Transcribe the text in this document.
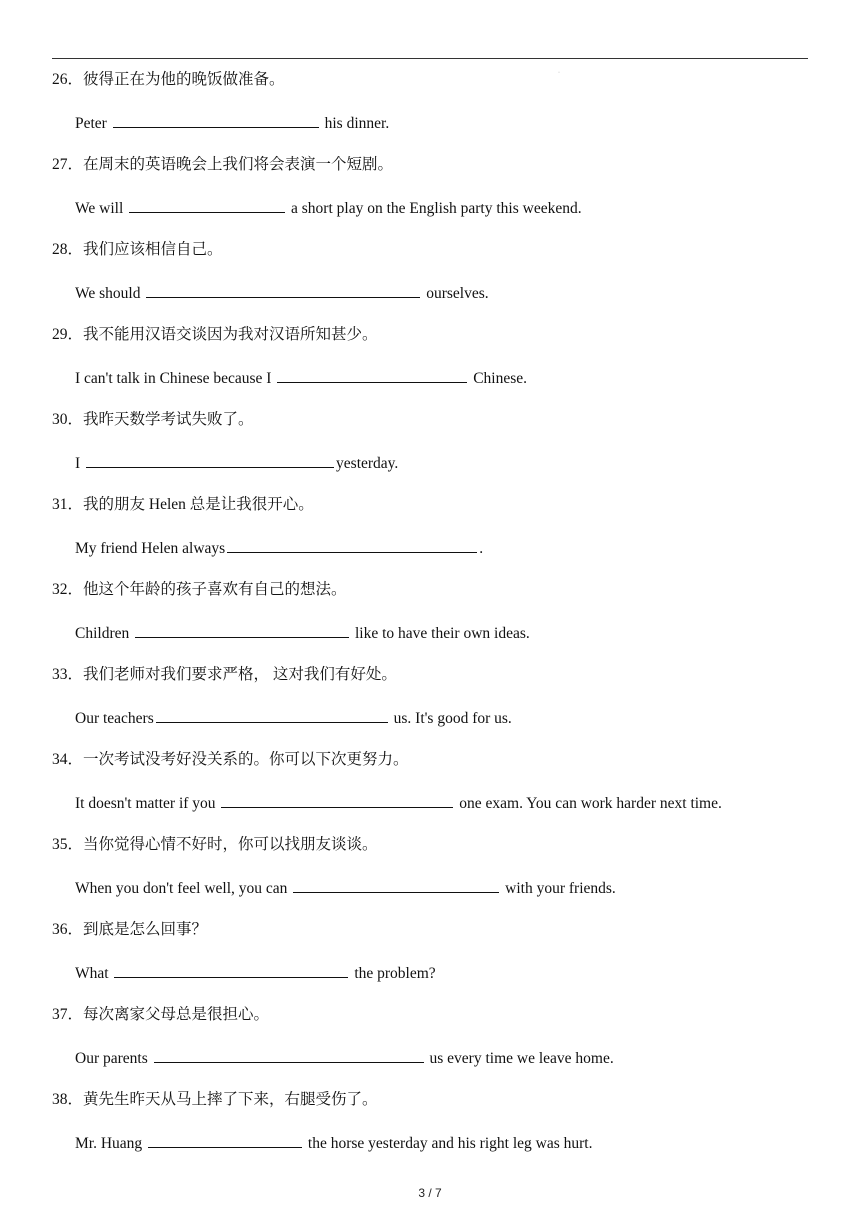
·
26．彼得正在为他的晚饭做准备。
Peter	his dinner.
27．在周末的英语晚会上我们将会表演一个短剧。
We will	a short play on the English party this weekend.
28．我们应该相信自己。
We should	ourselves.
29．我不能用汉语交谈因为我对汉语所知甚少。
I can't talk in Chinese because I	Chinese.
30．我昨天数学考试失败了。
I	yesterday.
31．我的朋友 Helen 总是让我很开心。
My friend Helen always	.
32．他这个年龄的孩子喜欢有自己的想法。
Children	like to have their own ideas.
33．我们老师对我们要求严格， 这对我们有好处。
Our teachers	us. It's good for us.
34．一次考试没考好没关系的。你可以下次更努力。
It doesn't matter if you	one exam. You can work harder next time.
35．当你觉得心情不好时，你可以找朋友谈谈。
When you don't feel well, you can	with your friends.
36．到底是怎么回事？
What	the problem?
37．每次离家父母总是很担心。
Our parents	us every time we leave home.
38．黄先生昨天从马上摔了下来，右腿受伤了。
Mr. Huang	the horse yesterday and his right leg was hurt.
3 / 7
